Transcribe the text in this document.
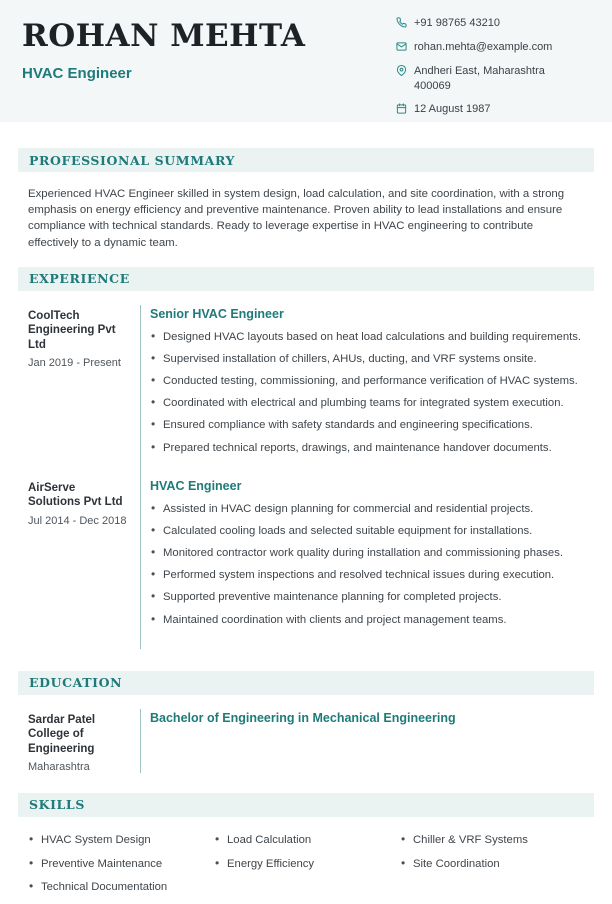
ROHAN MEHTA
HVAC Engineer
+91 98765 43210
rohan.mehta@example.com
Andheri East, Maharashtra 400069
12 August 1987
PROFESSIONAL SUMMARY
Experienced HVAC Engineer skilled in system design, load calculation, and site coordination, with a strong emphasis on energy efficiency and preventive maintenance. Proven ability to lead installations and ensure compliance with technical standards. Ready to leverage expertise in HVAC engineering to contribute effectively to a dynamic team.
EXPERIENCE
CoolTech Engineering Pvt Ltd
Jan 2019 - Present
Senior HVAC Engineer
• Designed HVAC layouts based on heat load calculations and building requirements.
• Supervised installation of chillers, AHUs, ducting, and VRF systems onsite.
• Conducted testing, commissioning, and performance verification of HVAC systems.
• Coordinated with electrical and plumbing teams for integrated system execution.
• Ensured compliance with safety standards and engineering specifications.
• Prepared technical reports, drawings, and maintenance handover documents.
AirServe Solutions Pvt Ltd
Jul 2014 - Dec 2018
HVAC Engineer
• Assisted in HVAC design planning for commercial and residential projects.
• Calculated cooling loads and selected suitable equipment for installations.
• Monitored contractor work quality during installation and commissioning phases.
• Performed system inspections and resolved technical issues during execution.
• Supported preventive maintenance planning for completed projects.
• Maintained coordination with clients and project management teams.
EDUCATION
Sardar Patel College of Engineering
Maharashtra
Bachelor of Engineering in Mechanical Engineering
SKILLS
• HVAC System Design
• Preventive Maintenance
• Technical Documentation
• Load Calculation
• Energy Efficiency
• Chiller & VRF Systems
• Site Coordination
